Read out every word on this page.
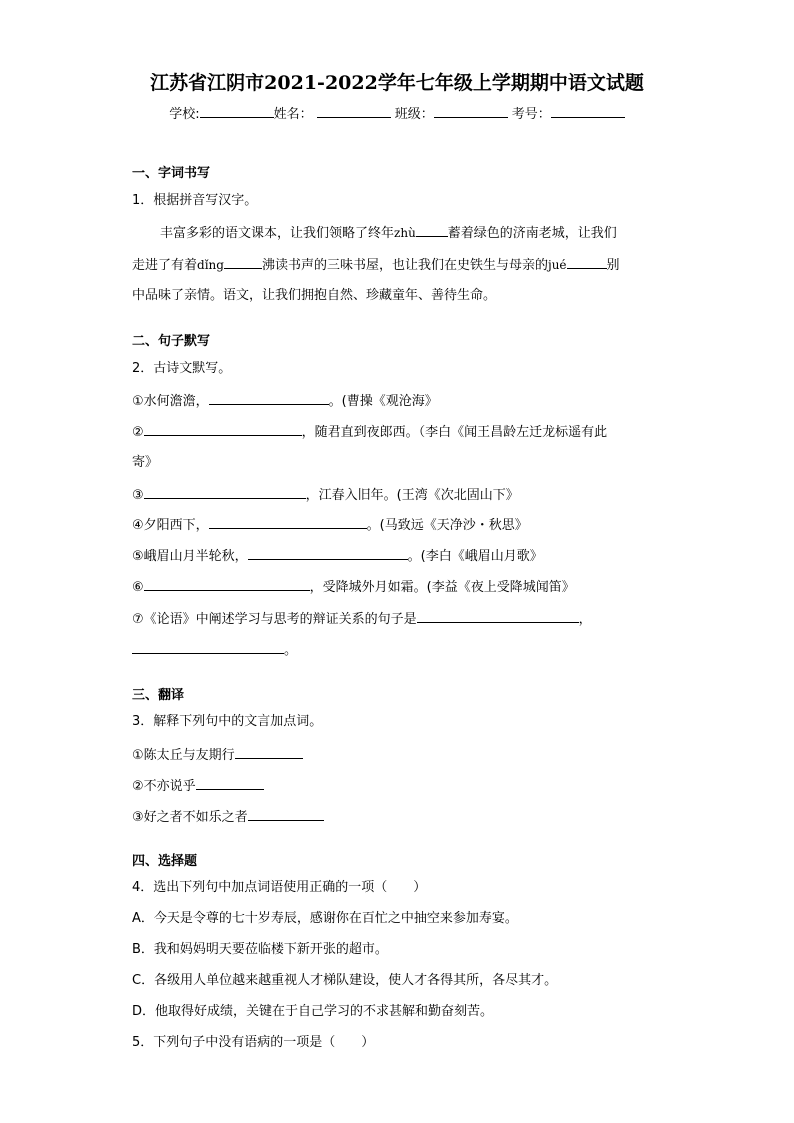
江苏省江阴市2021-2022学年七年级上学期期中语文试题
学校:	姓名：	班级：	考号：
一、字词书写
1．根据拼音写汉字。
丰富多彩的语文课本，让我们领略了终年zhù 蓄着绿色的济南老城，让我们
走进了有着dǐng	沸读书声的三味书屋，也让我们在史铁生与母亲的jué	别
中品味了亲情。语文，让我们拥抱自然、珍藏童年、善待生命。
二、句子默写
2．古诗文默写。
①水何澹澹，	。(曹操《观沧海》
②	，随君直到夜郎西。（李白《闻王昌龄左迁龙标遥有此
寄》
③	，江春入旧年。(王湾《次北固山下》
④夕阳西下，	。(马致远《天净沙・秋思》
⑤峨眉山月半轮秋，	。(李白《峨眉山月歌》
⑥	，受降城外月如霜。(李益《夜上受降城闻笛》
⑦《论语》中阐述学习与思考的辩证关系的句子是	，
。
三、翻译
3．解释下列句中的文言加点词。
①陈太丘与友期行
②不亦说乎
③好之者不如乐之者
四、选择题
4．选出下列句中加点词语使用正确的一项（　　）
A．今天是令尊的七十岁寿辰，感谢你在百忙之中抽空来参加寿宴。
B．我和妈妈明天要莅临楼下新开张的超市。
C．各级用人单位越来越重视人才梯队建设，使人才各得其所，各尽其才。
D．他取得好成绩，关键在于自己学习的不求甚解和勤奋刻苦。
5．下列句子中没有语病的一项是（　　）
